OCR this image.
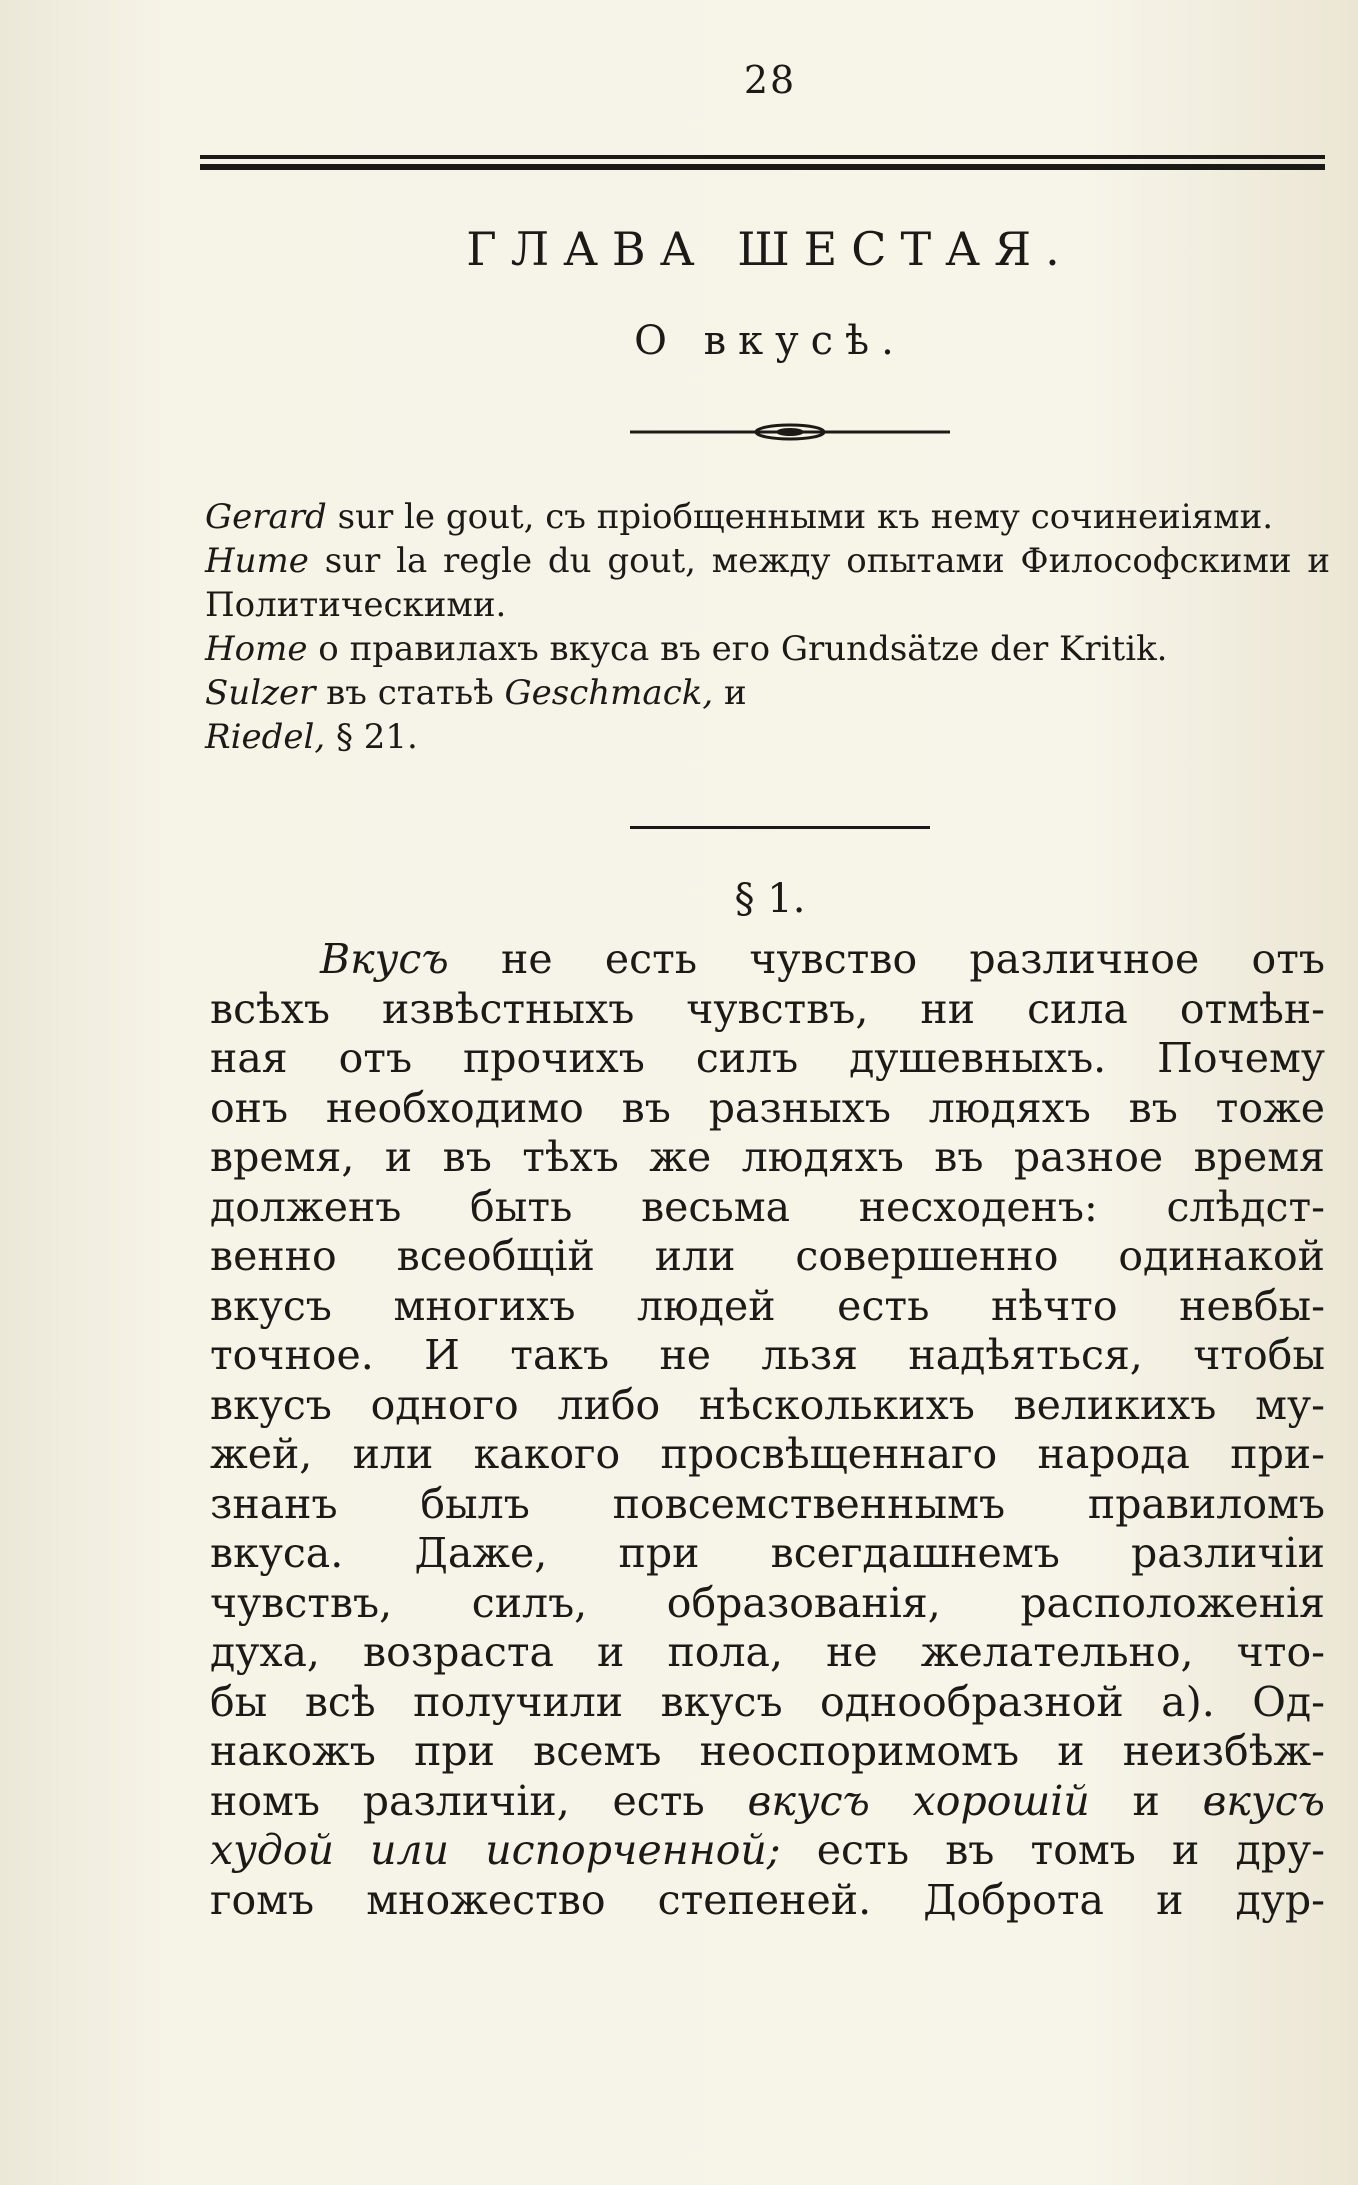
28
ГЛАВА ШЕСТАЯ.
О вкусѣ.

Gerard sur le gout, съ пріобщенными къ нему сочинеиіями.

Hume sur la regle du gout, между опытами Философскими и Политическими.

Home о правилахъ вкуса въ его Grundsätze der Kritik.

Sulzer въ статьѣ Geschmack, и

Riedel, § 21.

§ 1.
Вкусъ не есть чувство различное отъ
всѣхъ извѣстныхъ чувствъ, ни сила отмѣн-
ная отъ прочихъ силъ душевныхъ. Почему
онъ необходимо въ разныхъ людяхъ въ тоже
время, и въ тѣхъ же людяхъ въ разное время
долженъ быть весьма несходенъ: слѣдст-
венно всеобщій или совершенно одинакой
вкусъ многихъ людей есть нѣчто невбы-
точное. И такъ не льзя надѣяться, чтобы
вкусъ одного либо нѣсколькихъ великихъ му-
жей, или какого просвѣщеннаго народа при-
знанъ былъ повсемственнымъ правиломъ
вкуса. Даже, при всегдашнемъ различіи
чувствъ, силъ, образованія, расположенія
духа, возраста и пола, не желательно, что-
бы всѣ получили вкусъ однообразной а). Од-
накожъ при всемъ неоспоримомъ и неизбѣж-
номъ различіи, есть вкусъ хорошій и вкусъ
худой или испорченной; есть въ томъ и дру-
гомъ множество степеней. Доброта и дур-
